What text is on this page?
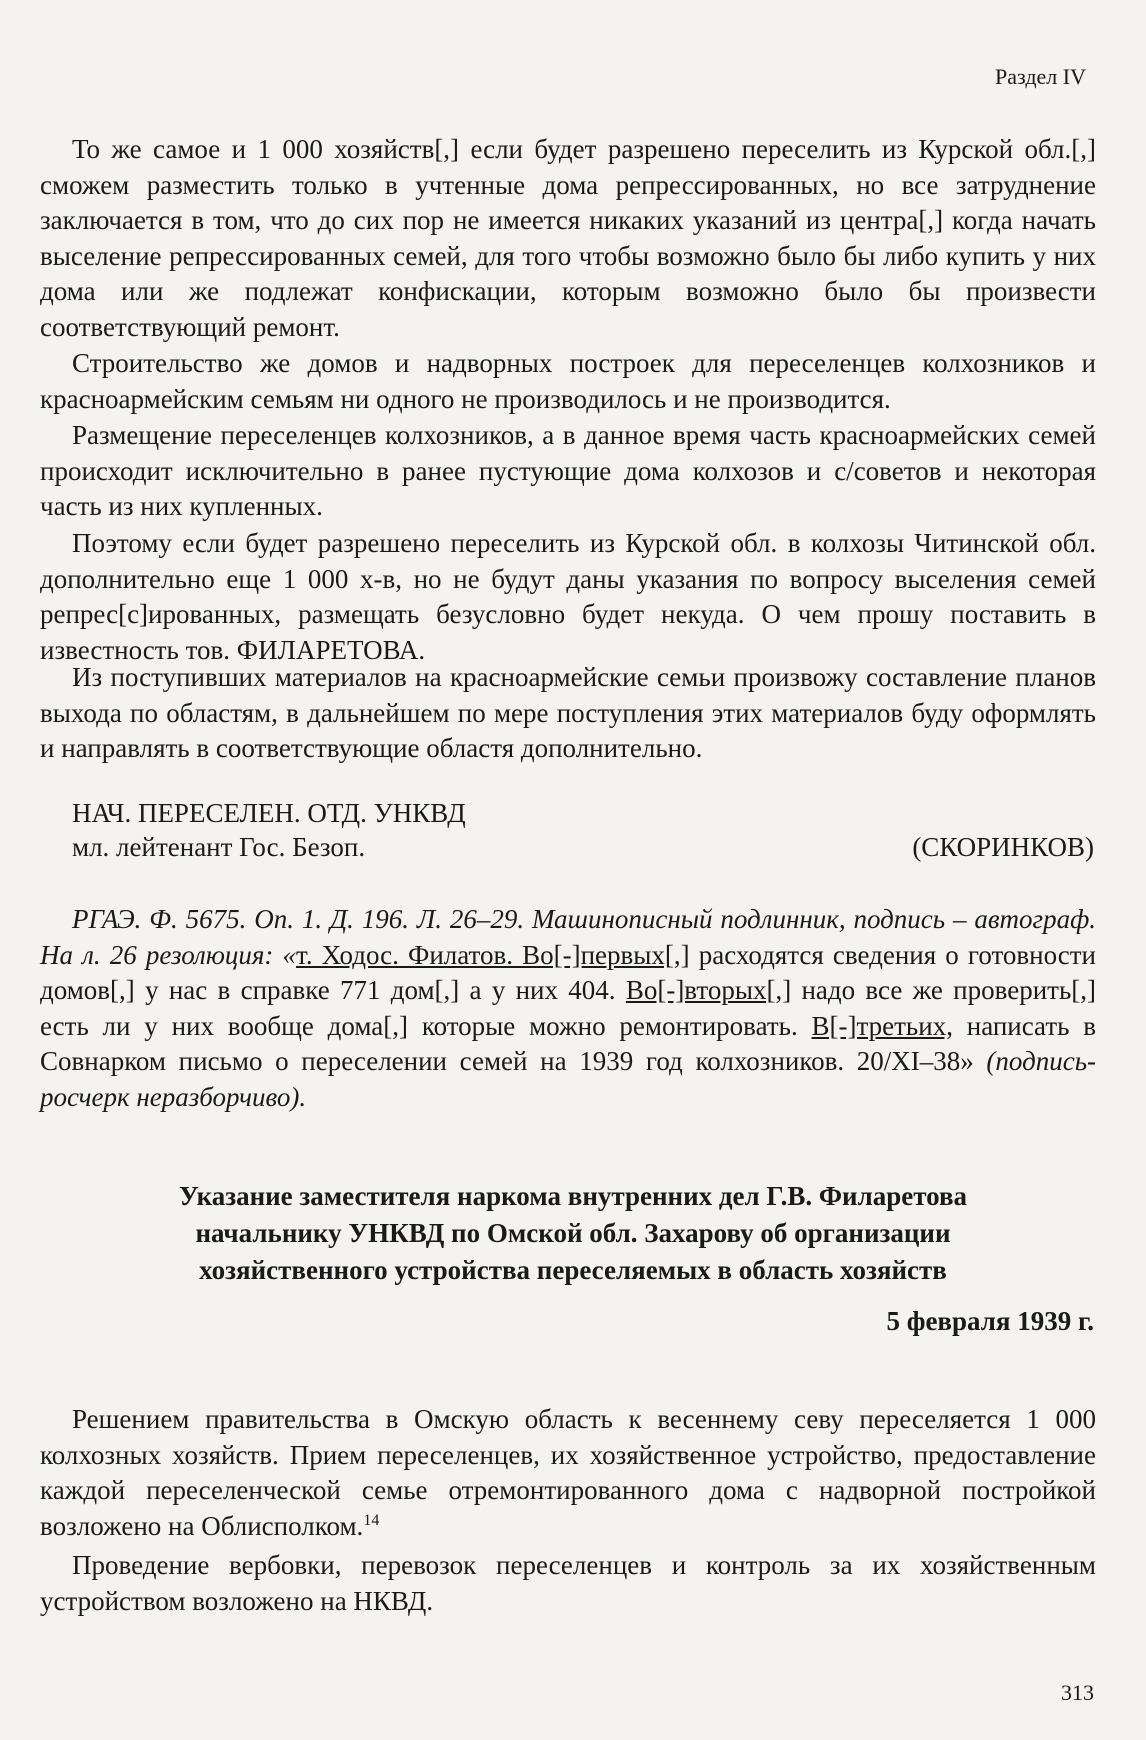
Раздел IV

То же самое и 1 000 хозяйств[,] если будет разрешено переселить из Курской обл.[,] сможем разместить только в учтенные дома репрессированных, но все затруднение заключается в том, что до сих пор не имеется никаких указаний из центра[,] когда начать выселение репрессированных семей, для того чтобы возможно было бы либо купить у них дома или же подлежат конфискации, которым возможно было бы произвести соответствующий ремонт.

Строительство же домов и надворных построек для переселенцев колхозников и красноармейским семьям ни одного не производилось и не производится.

Размещение переселенцев колхозников, а в данное время часть красноармейских семей происходит исключительно в ранее пустующие дома колхозов и с/советов и некоторая часть из них купленных.

Поэтому если будет разрешено переселить из Курской обл. в колхозы Читинской обл. дополнительно еще 1 000 х-в, но не будут даны указания по вопросу выселения семей репрес[с]ированных, размещать безусловно будет некуда. О чем прошу поставить в известность тов. ФИЛАРЕТОВА.

Из поступивших материалов на красноармейские семьи произвожу составление планов выхода по областям, в дальнейшем по мере поступления этих материалов буду оформлять и направлять в соответствующие областя дополнительно.

НАЧ. ПЕРЕСЕЛЕН. ОТД. УНКВД

мл. лейтенант Гос. Безоп.	(СКОРИНКОВ)

РГАЭ. Ф. 5675. Оп. 1. Д. 196. Л. 26–29. Машинописный подлинник, подпись – автограф. На л. 26 резолюция: «т. Ходос. Филатов. Во[-]первых[,] расходятся сведения о готовности домов[,] у нас в справке 771 дом[,] а у них 404. Во[-]вторых[,] надо все же проверить[,] есть ли у них вообще дома[,] которые можно ремонтировать. В[-]третьих, написать в Совнарком письмо о переселении семей на 1939 год колхозников. 20/XI–38» (подпись-росчерк неразборчиво).

Указание заместителя наркома внутренних дел Г.В. Филаретова
начальнику УНКВД по Омской обл. Захарову об организации
хозяйственного устройства переселяемых в область хозяйств

5 февраля 1939 г.

Решением правительства в Омскую область к весеннему севу переселяется 1 000 колхозных хозяйств. Прием переселенцев, их хозяйственное устройство, предоставление каждой переселенческой семье отремонтированного дома с надворной постройкой возложено на Облисполком.$^{14}$

Проведение вербовки, перевозок переселенцев и контроль за их хозяйственным устройством возложено на НКВД.

313
